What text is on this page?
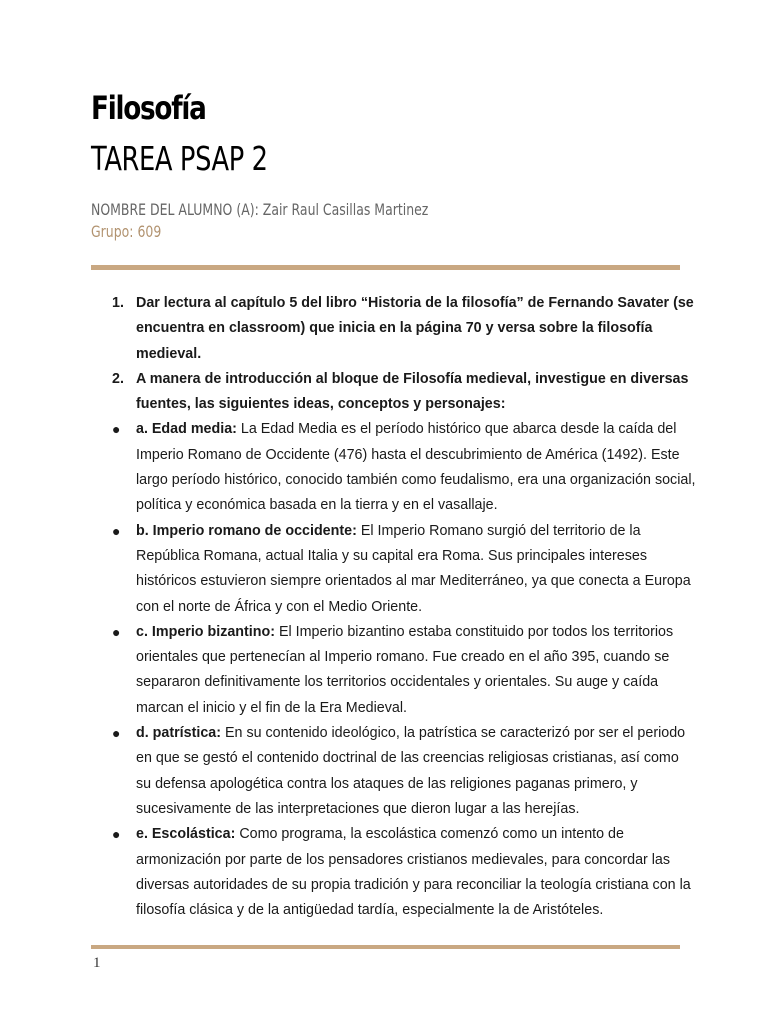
Filosofía
TAREA PSAP 2
NOMBRE DEL ALUMNO (A): Zair Raul Casillas Martinez
Grupo: 609

1. Dar lectura al capítulo 5 del libro “Historia de la filosofía” de Fernando Savater (se encuentra en classroom) que inicia en la página 70 y versa sobre la filosofía medieval.

2. A manera de introducción al bloque de Filosofía medieval, investigue en diversas fuentes, las siguientes ideas, conceptos y personajes:

● a. Edad media: La Edad Media es el período histórico que abarca desde la caída del Imperio Romano de Occidente (476) hasta el descubrimiento de América (1492). Este largo período histórico, conocido también como feudalismo, era una organización social, política y económica basada en la tierra y en el vasallaje.

● b. Imperio romano de occidente: El Imperio Romano surgió del territorio de la República Romana, actual Italia y su capital era Roma. Sus principales intereses históricos estuvieron siempre orientados al mar Mediterráneo, ya que conecta a Europa con el norte de África y con el Medio Oriente.

● c. Imperio bizantino: El Imperio bizantino estaba constituido por todos los territorios orientales que pertenecían al Imperio romano. Fue creado en el año 395, cuando se separaron definitivamente los territorios occidentales y orientales. Su auge y caída marcan el inicio y el fin de la Era Medieval.

● d. patrística: En su contenido ideológico, la patrística se caracterizó por ser el periodo en que se gestó el contenido doctrinal de las creencias religiosas cristianas, así como su defensa apologética contra los ataques de las religiones paganas primero, y sucesivamente de las interpretaciones que dieron lugar a las herejías.

● e. Escolástica: Como programa, la escolástica comenzó como un intento de armonización por parte de los pensadores cristianos medievales, para concordar las diversas autoridades de su propia tradición y para reconciliar la teología cristiana con la filosofía clásica y de la antigüedad tardía, especialmente la de Aristóteles.

1
